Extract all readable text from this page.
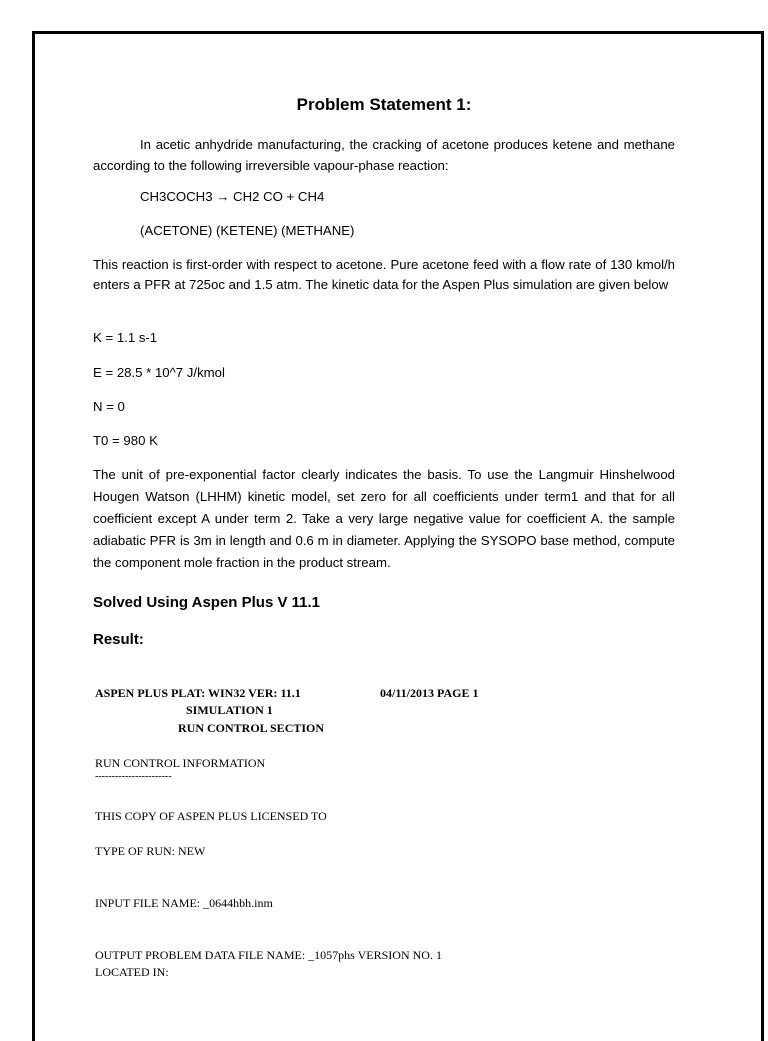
Problem Statement 1:
In acetic anhydride manufacturing, the cracking of acetone produces ketene and methane according to the following irreversible vapour-phase reaction:
CH3COCH3 → CH2 CO + CH4
(ACETONE) (KETENE) (METHANE)
This reaction is first-order with respect to acetone. Pure acetone feed with a flow rate of 130 kmol/h enters a PFR at 725oc and 1.5 atm. The kinetic data for the Aspen Plus simulation are given below
K = 1.1 s-1
E = 28.5 * 10^7 J/kmol
N = 0
T0 = 980 K
The unit of pre-exponential factor clearly indicates the basis. To use the Langmuir Hinshelwood Hougen Watson (LHHM) kinetic model, set zero for all coefficients under term1 and that for all coefficient except A under term 2. Take a very large negative value for coefficient A. the sample adiabatic PFR is 3m in length and 0.6 m in diameter. Applying the SYSOPO base method, compute the component mole fraction in the product stream.
Solved Using Aspen Plus V 11.1
Result:
ASPEN PLUS PLAT: WIN32 VER: 11.1	04/11/2013 PAGE 1
SIMULATION 1
RUN CONTROL SECTION
RUN CONTROL INFORMATION
-----------------------
THIS COPY OF ASPEN PLUS LICENSED TO
TYPE OF RUN: NEW
INPUT FILE NAME: _0644hbh.inm
OUTPUT PROBLEM DATA FILE NAME: _1057phs VERSION NO. 1
LOCATED IN:
